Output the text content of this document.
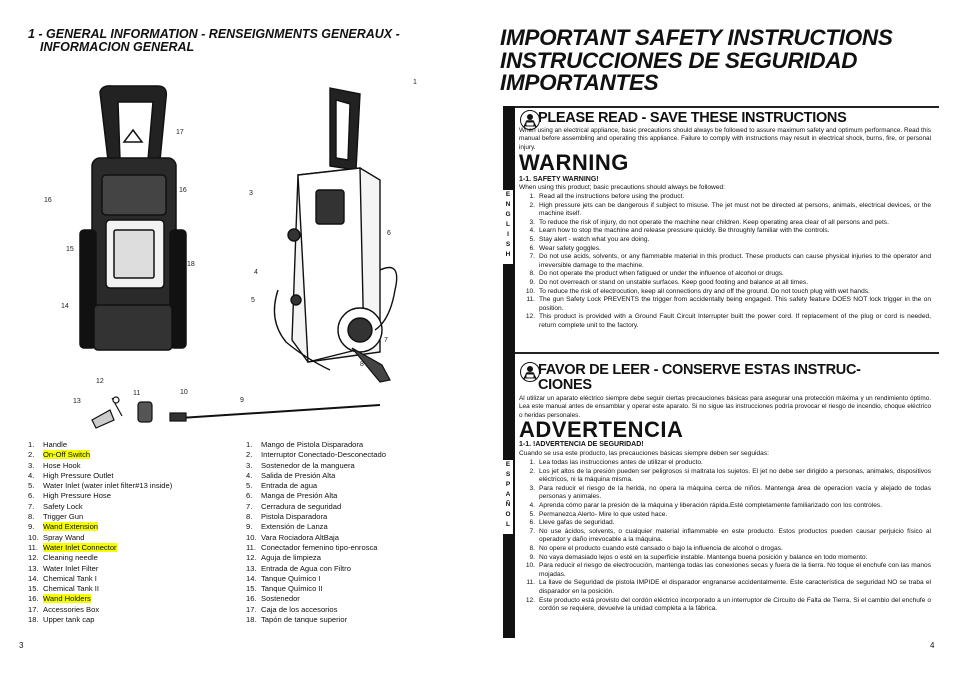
1 - GENERAL INFORMATION - RENSEIGNMENTS GENERAUX -
INFORMACION GENERAL
1
17
16
16
3
6
15
18
4
14
5
7
8
12
11
13
10
9
1. Handle
2. On-Off Switch
3. Hose Hook
4. High Pressure Outlet
5. Water Inlet (water inlet filter#13 inside)
6. High Pressure Hose
7. Safety Lock
8. Trigger Gun
9. Wand Extension
10. Spray Wand
11. Water Inlet Connector
12. Cleaning needle
13. Water Inlet Filter
14. Chemical Tank I
15. Chemical Tank II
16. Wand Holders
17. Accessories Box
18. Upper tank cap
1. Mango de Pistola Disparadora
2. Interruptor Conectado-Desconectado
3. Sostenedor de la manguera
4. Salida de Presión Alta
5. Entrada de agua
6. Manga de Presión Alta
7. Cerradura de seguridad
8. Pistola Disparadora
9. Extensión de Lanza
10. Vara Rociadora AltBaja
11. Conectador femenino tipo-enrosca
12. Aguja de limpieza
13. Entrada de Agua con Filtro
14. Tanque Químico I
15. Tanque Químico II
16. Sostenedor
17. Caja de los accesorios
18. Tapón de tanque superior
3
IMPORTANT SAFETY INSTRUCTIONS
INSTRUCCIONES DE SEGURIDAD
IMPORTANTES
E
N
G
L
I
S
H
PLEASE READ - SAVE THESE INSTRUCTIONS
When using an electrical appliance, basic precautions should always be followed to assure maximum safety and optimum performance. Read this manual before assembling and operating this appliance. Failure to comply with instructions may result in electrical shock, burns, fire, or personal injury.
WARNING
1-1. SAFETY WARNING!
When using this product; basic precautions should always be followed:
1. Read all the instructions before using the product.
2. High pressure jets can be dangerous if subject to misuse. The jet must not be directed at persons, animals, electrical devices, or the machine itself.
3. To reduce the risk of injury, do not operate the machine near children. Keep operating area clear of all persons and pets.
4. Learn how to stop the machine and release pressure quickly. Be throughly familiar with the controls.
5. Stay alert - watch what you are doing.
6. Wear safety goggles.
7. Do not use acids, solvents, or any flammable material in this product. These products can cause physical injuries to the operator and irreversible damage to the machine.
8. Do not operate the product when fatigued or under the influence of alcohol or drugs.
9. Do not overreach or stand on unstable surfaces. Keep good footing and balance at all times.
10. To reduce the risk of electrocution, keep all connections dry and off the ground. Do not touch plug with wet hands.
11. The gun Safety Lock PREVENTS the trigger from accidentally being engaged. This safety feature DOES NOT lock trigger in the on position.
12. This product is provided with a Ground Fault Circuit Interrupter built the power cord. If replacement of the plug or cord is needed, return complete unit to the factory.
E
S
P
A
Ñ
O
L
FAVOR DE LEER - CONSERVE ESTAS INSTRUC-
CIONES
Al utilizar un aparato eléctrico siempre debe seguir ciertas precauciones básicas para asegurar una protección máxima y un rendimiento óptimo. Lea este manual antes de ensamblar y operar este aparato. Si no sigue las instrucciones podría provocar el riesgo de incendio, choque eléctrico o heridas personales.
ADVERTENCIA
1-1. !ADVERTENCIA DE SEGURIDAD!
Cuando se usa este producto, las precauciones básicas siempre deben ser seguidas:
1. Lea todas las instrucciones antes de utilizar el producto.
2. Los jet altos de la presión pueden ser peligrosos si maltrata los sujetos. El jet no debe ser dirigido a personas, animales, dispositivos eléctricos, ni la máquina misma.
3. Para reducir el riesgo de la herida, no opera la máquina cerca de niños. Mantenga área de operacion vacía y alejado de todas personas y animales.
4. Aprenda cómo parar la presión de la máquina y liberación rápida.Esté completamente familiarizado con los controles.
5. Permanezca Alerto- Mire lo que usted hace.
6. Lleve gafas de seguridad.
7. No use ácidos, solvents, o cualquier material inflammable en este producto. Estos productos pueden causar perjuicio físico al operador y daño irrevocable a la máquina.
8. No opere el producto cuando esté cansado o bajo la influencia de alcohol o drogas.
9. No vaya demasiado lejos o esté en la superficie instable. Mantenga buena posición y balance en todo momento.
10. Para reducir el riesgo de electrocución, mantenga todas las conexiones secas y fuera de la tierra. No toque el enchufe con las manos mojadas.
11. La llave de Seguridad de pistola IMPIDE el disparador engranarse accidentalmente. Este característica de seguridad NO se traba el disparador en la posición.
12. Este producto está provisto del cordón eléctrico incorporado a un interruptor de Circuito de Falta de Tierra. Si el cambio del enchufe o cordón se requiere, devuelve la unidad completa a la fábrica.
4
